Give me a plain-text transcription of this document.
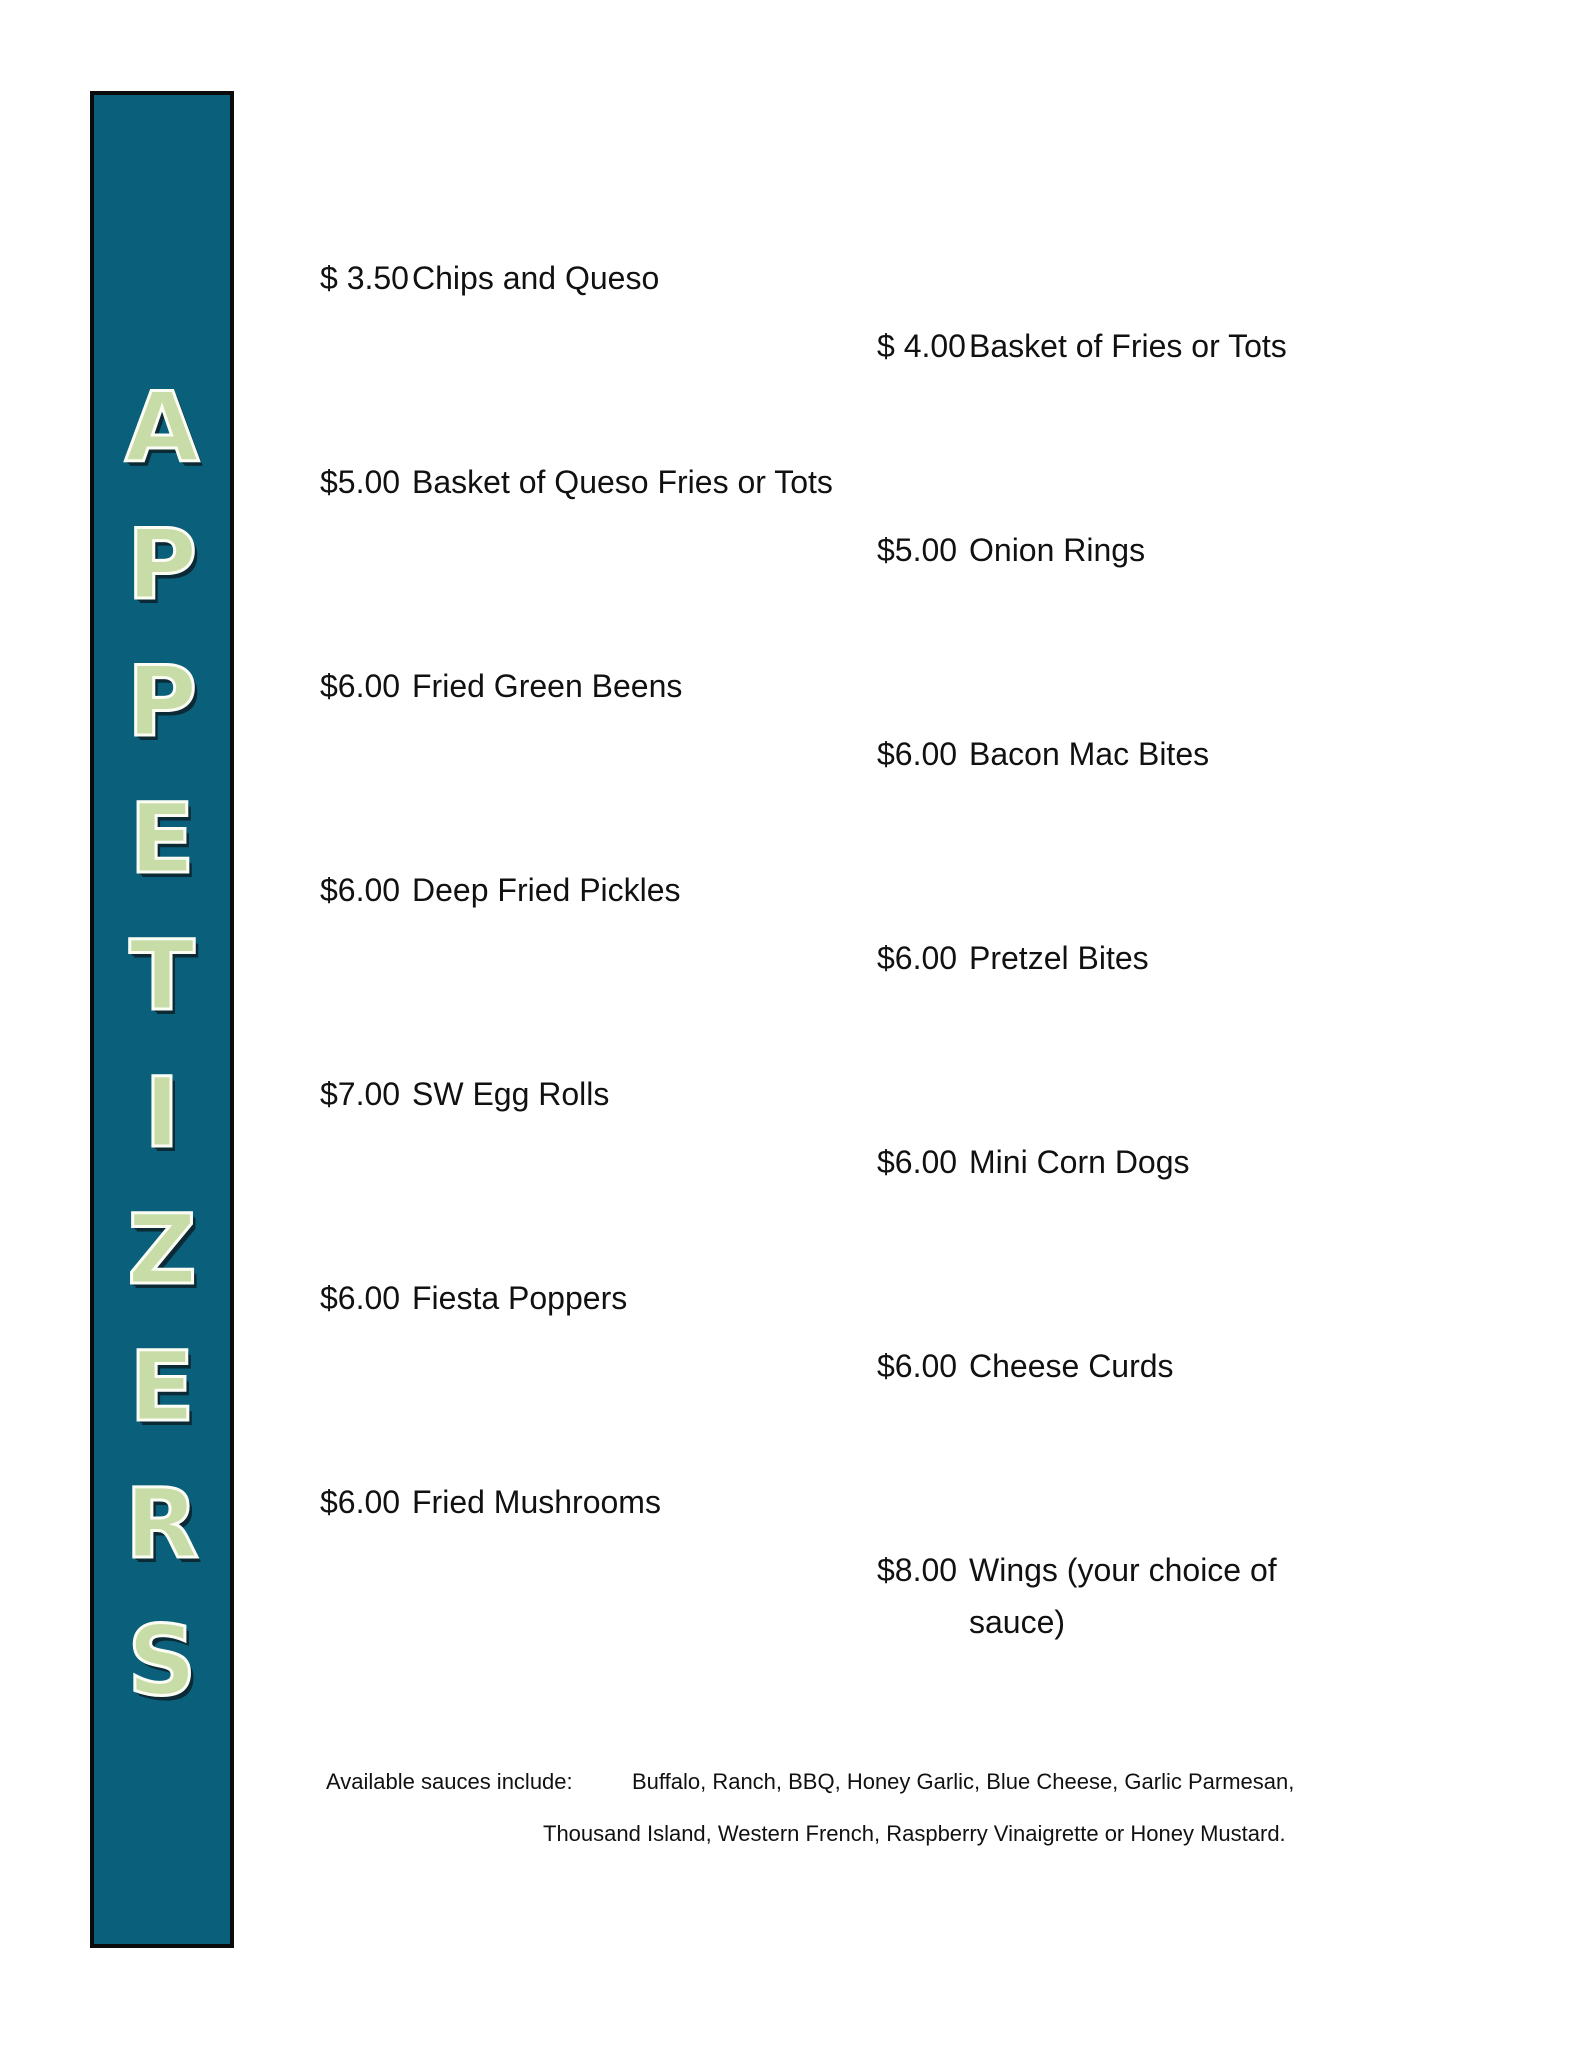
A
P
P
E
T
I
Z
E
R
S
$ 3.50Chips and Queso
$5.00 Basket of Queso Fries or Tots
$6.00 Fried Green Beens
$6.00 Deep Fried Pickles
$7.00 SW Egg Rolls
$6.00 Fiesta Poppers
$6.00 Fried Mushrooms
$ 4.00Basket of Fries or Tots
$5.00 Onion Rings
$6.00 Bacon Mac Bites
$6.00 Pretzel Bites
$6.00 Mini Corn Dogs
$6.00 Cheese Curds
$8.00 Wings (your choice of sauce)
Available sauces include:	Buffalo, Ranch, BBQ, Honey Garlic, Blue Cheese, Garlic Parmesan,
Thousand Island, Western French, Raspberry Vinaigrette or Honey Mustard.
